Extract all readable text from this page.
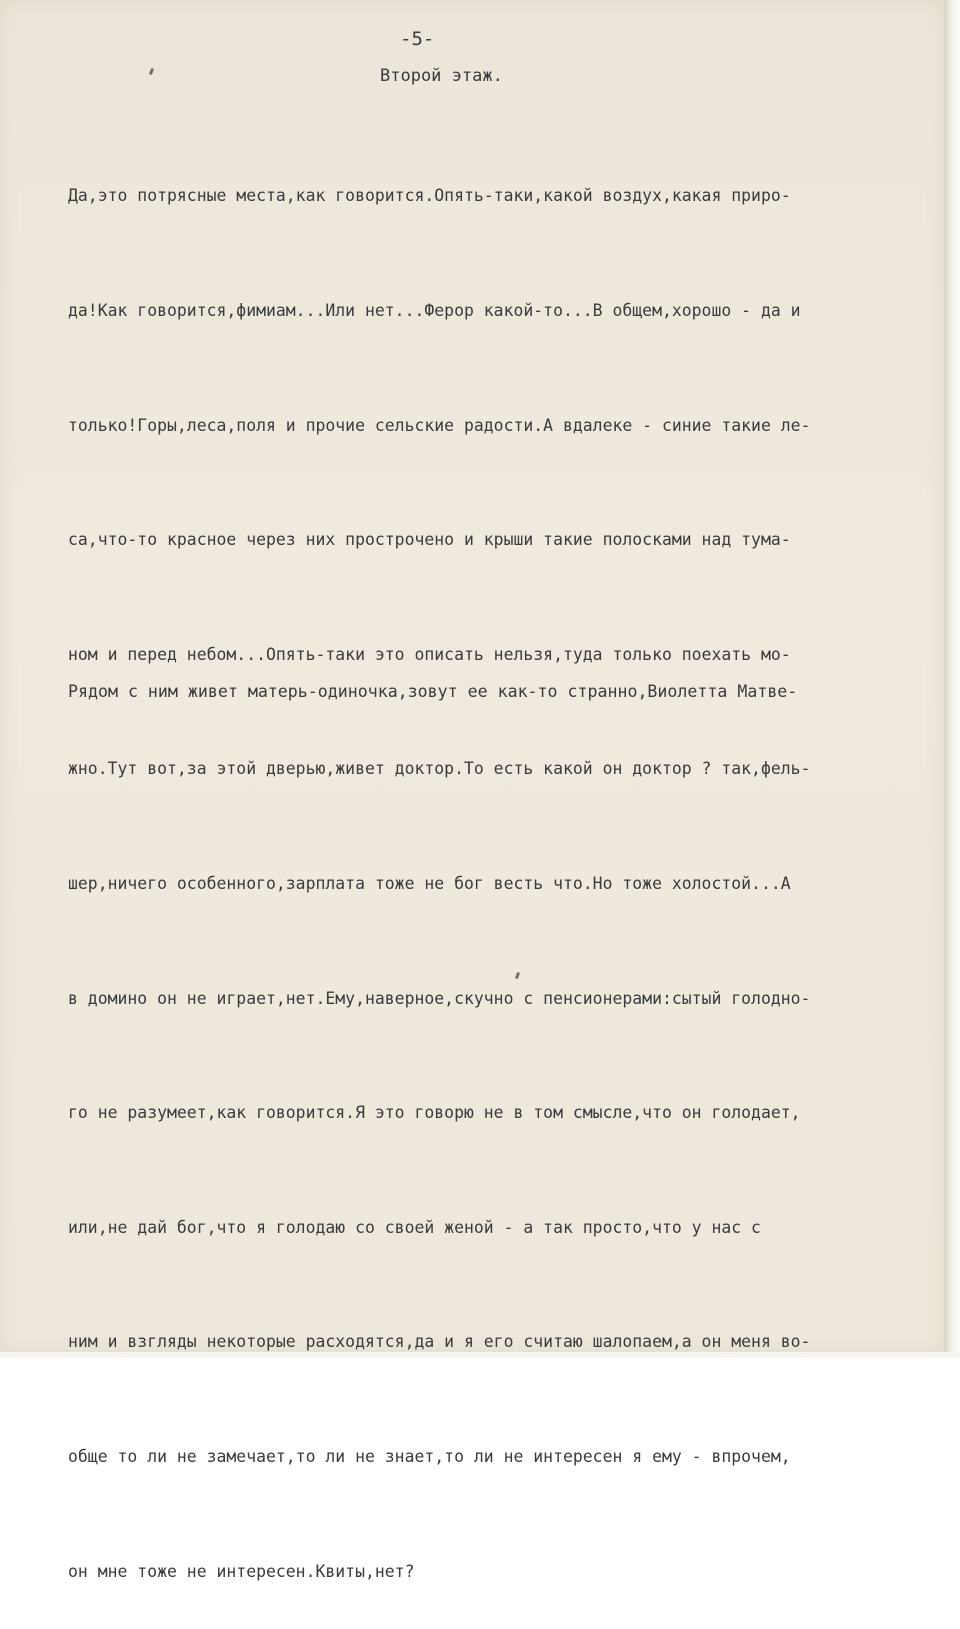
-5-
Второй этаж.

Да,это потрясные места,как говорится.Опять-таки,какой воздух,какая приро-

да!Как говорится,фимиам...Или нет...Ферор какой-то...В общем,хорошо - да и

только!Горы,леса,поля и прочие сельские радости.А вдалеке - синие такие ле-

са,что-то красное через них прострочено и крыши такие полосками над тума-

ном и перед небом...Опять-таки это описать нельзя,туда только поехать мо-

жно.Тут вот,за этой дверью,живет доктор.То есть какой он доктор ? так,фель-

шер,ничего особенного,зарплата тоже не бог весть что.Но тоже холостой...А

в домино он не играет,нет.Ему,наверное,скучно с пенсионерами:сытый голодно-

го не разумеет,как говорится.Я это говорю не в том смысле,что он голодает,

или,не дай бог,что я голодаю со своей женой - а так просто,что у нас с

ним и взгляды некоторые расходятся,да и я его считаю шалопаем,а он меня во-

обще то ли не замечает,то ли не знает,то ли не интересен я ему - впрочем,

он мне тоже не интересен.Квиты,нет?

Рядом с ним живет матерь-одиночка,зовут ее как-то странно,Виолетта Матве-
